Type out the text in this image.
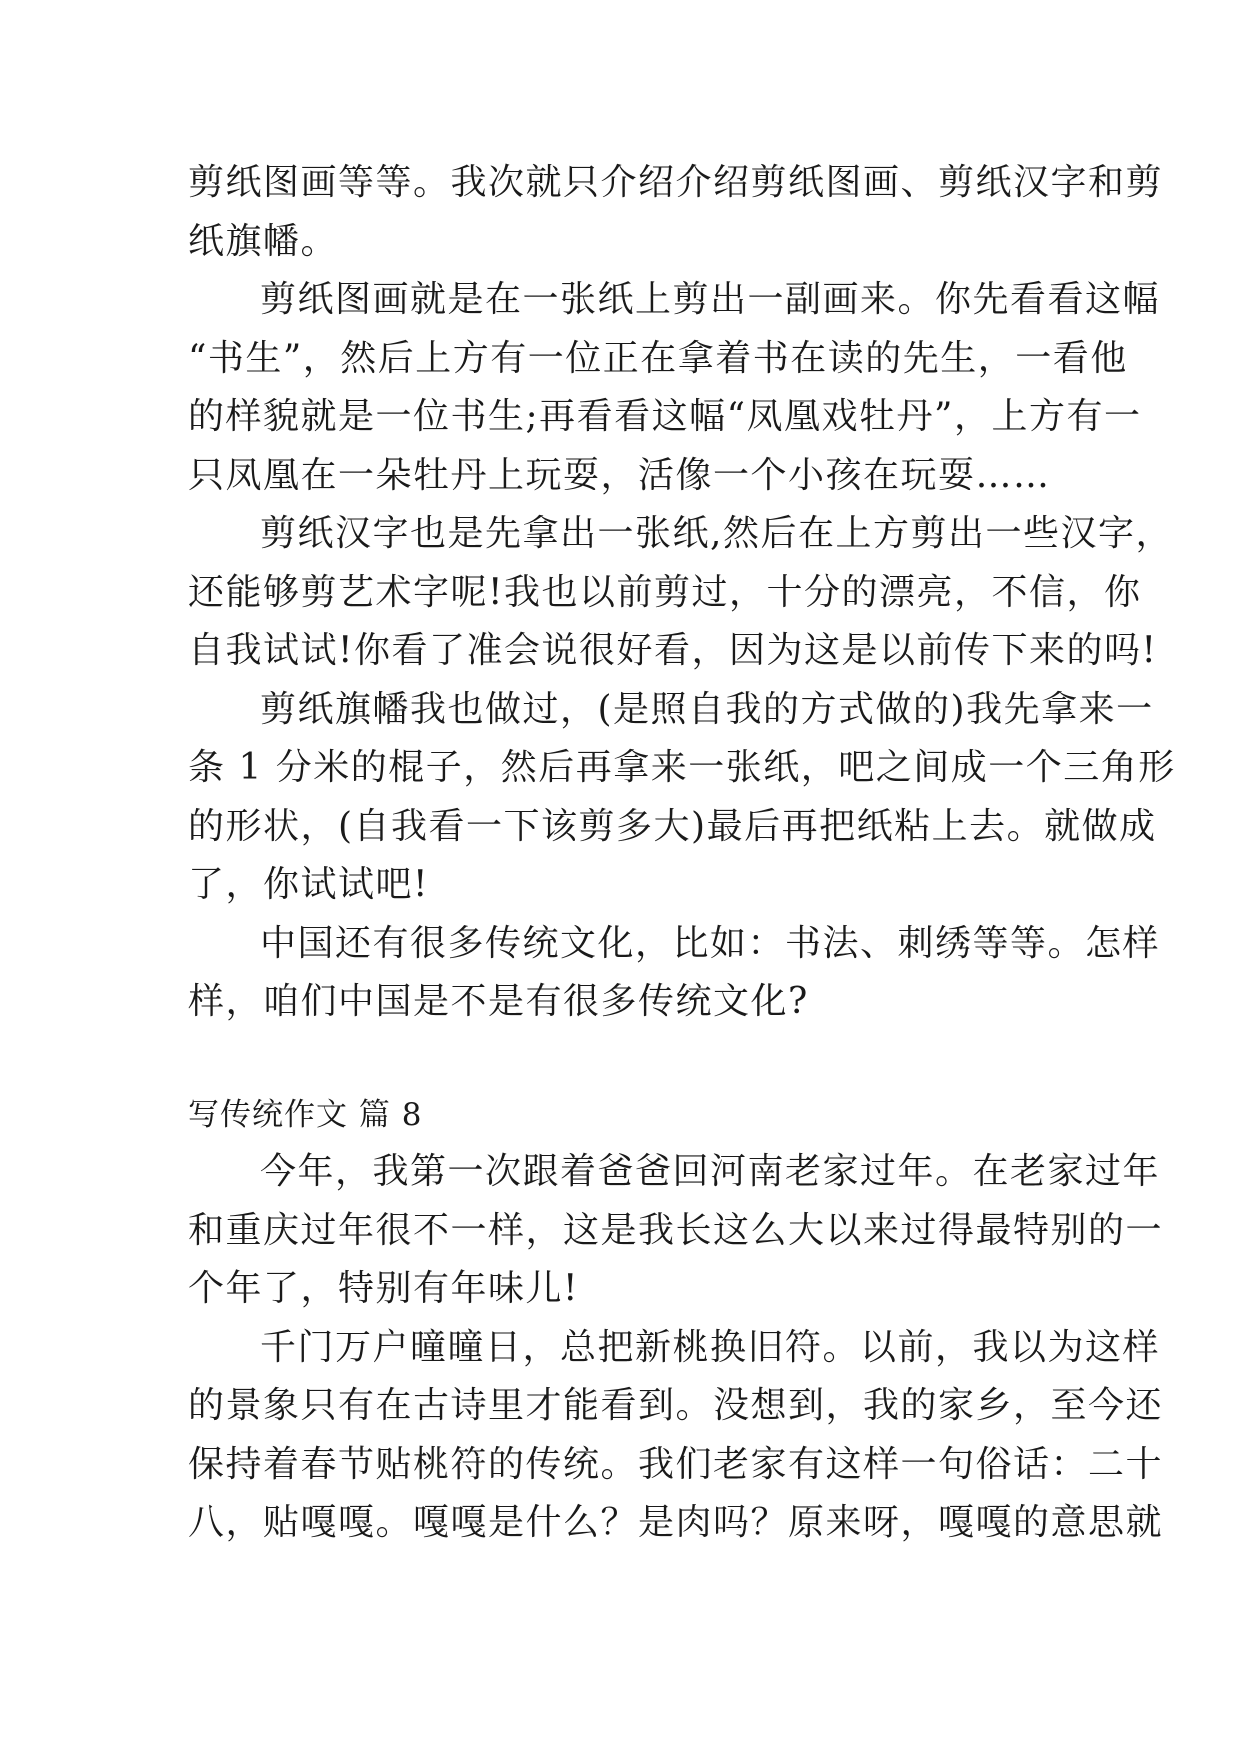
剪纸图画等等。我次就只介绍介绍剪纸图画、剪纸汉字和剪
纸旗幡。
剪纸图画就是在一张纸上剪出一副画来。你先看看这幅
“书生”，然后上方有一位正在拿着书在读的先生，一看他
的样貌就是一位书生;再看看这幅“凤凰戏牡丹”，上方有一
只凤凰在一朵牡丹上玩耍，活像一个小孩在玩耍……
剪纸汉字也是先拿出一张纸,然后在上方剪出一些汉字，
还能够剪艺术字呢!我也以前剪过，十分的漂亮，不信，你
自我试试!你看了准会说很好看，因为这是以前传下来的吗!
剪纸旗幡我也做过，(是照自我的方式做的)我先拿来一
条 1 分米的棍子，然后再拿来一张纸，吧之间成一个三角形
的形状，(自我看一下该剪多大)最后再把纸粘上去。就做成
了，你试试吧!
中国还有很多传统文化，比如：书法、刺绣等等。怎样
样，咱们中国是不是有很多传统文化?
写传统作文 篇 8
今年，我第一次跟着爸爸回河南老家过年。在老家过年
和重庆过年很不一样，这是我长这么大以来过得最特别的一
个年了，特别有年味儿!
千门万户曈曈日，总把新桃换旧符。以前，我以为这样
的景象只有在古诗里才能看到。没想到，我的家乡，至今还
保持着春节贴桃符的传统。我们老家有这样一句俗话：二十
八，贴嘎嘎。嘎嘎是什么？是肉吗？原来呀，嘎嘎的意思就
